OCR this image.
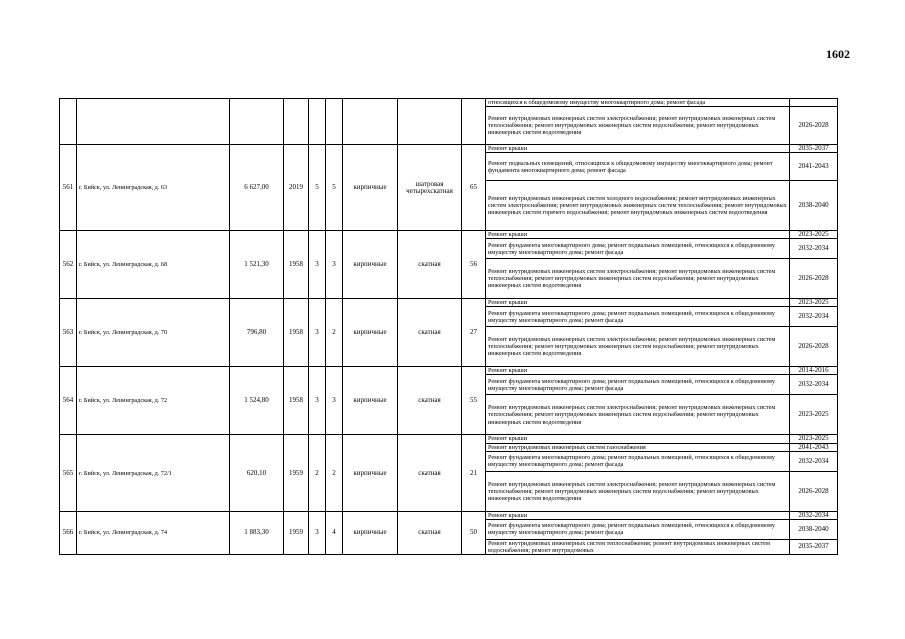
1602
									относящихся к общедомовому имуществу многоквартирного дома; ремонт фасада	
									Ремонт внутридомовых инженерных систем электроснабжения; ремонт внутридомовых инженерных систем теплоснабжения; ремонт внутридомовых инженерных систем водоснабжения; ремонт внутридомовых инженерных систем водоотведения	2026-2028
561	г. Бийск, ул. Ленинградская, д. 63	6 627,00	2019	5	5	кирпичные	шатровая четырехскатная	65	Ремонт крыши	2035-2037
									Ремонт подвальных помещений, относящихся к общедомовому имуществу многоквартирного дома; ремонт фундамента многоквартирного дома; ремонт фасада	2041-2043
									Ремонт внутридомовых инженерных систем холодного водоснабжения; ремонт внутридомовых инженерных систем электроснабжения; ремонт внутридомовых инженерных систем теплоснабжения; ремонт внутридомовых инженерных систем горячего водоснабжения; ремонт внутридомовых инженерных систем водоотведения	2038-2040
562	г. Бийск, ул. Ленинградская, д. 68	1 521,30	1958	3	3	кирпичные	скатная	56	Ремонт крыши	2023-2025
									Ремонт фундамента многоквартирного дома; ремонт подвальных помещений, относящихся к общедомовому имуществу многоквартирного дома; ремонт фасада	2032-2034
									Ремонт внутридомовых инженерных систем электроснабжения; ремонт внутридомовых инженерных систем теплоснабжения; ремонт внутридомовых инженерных систем водоснабжения; ремонт внутридомовых инженерных систем водоотведения	2026-2028
563	г. Бийск, ул. Ленинградская, д. 70	796,80	1958	3	2	кирпичные	скатная	27	Ремонт крыши	2023-2025
									Ремонт фундамента многоквартирного дома; ремонт подвальных помещений, относящихся к общедомовому имуществу многоквартирного дома; ремонт фасада	2032-2034
									Ремонт внутридомовых инженерных систем электроснабжения; ремонт внутридомовых инженерных систем теплоснабжения; ремонт внутридомовых инженерных систем водоснабжения; ремонт внутридомовых инженерных систем водоотведения	2026-2028
564	г. Бийск, ул. Ленинградская, д. 72	1 524,80	1958	3	3	кирпичные	скатная	55	Ремонт крыши	2014-2016
									Ремонт фундамента многоквартирного дома; ремонт подвальных помещений, относящихся к общедомовому имуществу многоквартирного дома; ремонт фасада	2032-2034
									Ремонт внутридомовых инженерных систем электроснабжения; ремонт внутридомовых инженерных систем теплоснабжения; ремонт внутридомовых инженерных систем водоснабжения; ремонт внутридомовых инженерных систем водоотведения	2023-2025
565	г. Бийск, ул. Ленинградская, д. 72/1	620,10	1959	2	2	кирпичные	скатная	21	Ремонт крыши	2023-2025
									Ремонт внутридомовых инженерных систем газоснабжения	2041-2043
									Ремонт фундамента многоквартирного дома; ремонт подвальных помещений, относящихся к общедомовому имуществу многоквартирного дома; ремонт фасада	2032-2034
									Ремонт внутридомовых инженерных систем электроснабжения; ремонт внутридомовых инженерных систем теплоснабжения; ремонт внутридомовых инженерных систем водоснабжения; ремонт внутридомовых инженерных систем водоотведения	2026-2028
566	г. Бийск, ул. Ленинградская, д. 74	1 883,30	1959	3	4	кирпичные	скатная	50	Ремонт крыши	2032-2034
									Ремонт фундамента многоквартирного дома; ремонт подвальных помещений, относящихся к общедомовому имуществу многоквартирного дома; ремонт фасада	2038-2040
									Ремонт внутридомовых инженерных систем теплоснабжения; ремонт внутридомовых инженерных систем водоснабжения; ремонт внутридомовых	2035-2037
